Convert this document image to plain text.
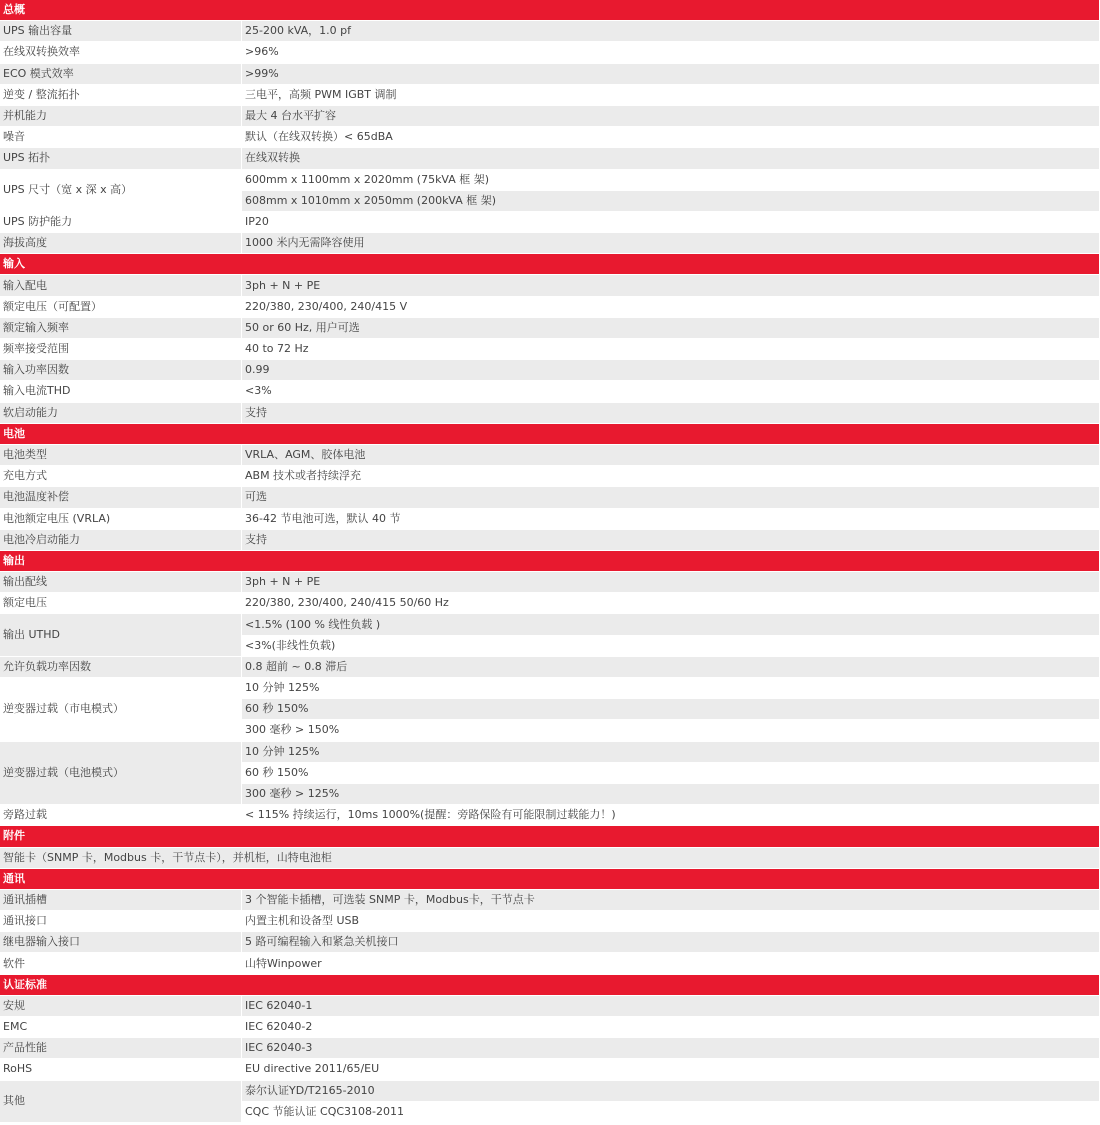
总概	
UPS 输出容量	25-200 kVA，1.0 pf
在线双转换效率	>96%
ECO 模式效率	>99%
逆变 / 整流拓扑	三电平，高频 PWM IGBT 调制
并机能力	最大 4 台水平扩容
噪音	默认（在线双转换）< 65dBA
UPS 拓扑	在线双转换
UPS 尺寸（宽 x 深 x 高）	600mm x 1100mm x 2020mm (75kVA 框 架)
	608mm x 1010mm x 2050mm (200kVA 框 架)
UPS 防护能力	IP20
海拔高度	1000 米内无需降容使用
输入	
输入配电	3ph + N + PE
额定电压（可配置）	220/380, 230/400, 240/415 V
额定输入频率	50 or 60 Hz, 用户可选
频率接受范围	40 to 72 Hz
输入功率因数	0.99
输入电流THD	<3%
软启动能力	支持
电池	
电池类型	VRLA、AGM、胶体电池
充电方式	ABM 技术或者持续浮充
电池温度补偿	可选
电池额定电压 (VRLA)	36-42 节电池可选，默认 40 节
电池冷启动能力	支持
输出	
输出配线	3ph + N + PE
额定电压	220/380, 230/400, 240/415 50/60 Hz
输出 UTHD	<1.5% (100 % 线性负载 )
	<3%(非线性负载)
允许负载功率因数	0.8 超前 ~ 0.8 滞后
逆变器过载（市电模式）	10 分钟 125%
	60 秒 150%
	300 毫秒 > 150%
逆变器过载（电池模式）	10 分钟 125%
	60 秒 150%
	300 毫秒 > 125%
旁路过载	< 115% 持续运行，10ms 1000%(提醒：旁路保险有可能限制过载能力！)
附件	
智能卡（SNMP 卡，Modbus 卡，干节点卡），并机柜，山特电池柜	
通讯	
通讯插槽	3 个智能卡插槽，可选装 SNMP 卡，Modbus卡，干节点卡
通讯接口	内置主机和设备型 USB
继电器输入接口	5 路可编程输入和紧急关机接口
软件	山特Winpower
认证标准	
安规	IEC 62040-1
EMC	IEC 62040-2
产品性能	IEC 62040-3
RoHS	EU directive 2011/65/EU
其他	泰尔认证YD/T2165-2010
	CQC 节能认证 CQC3108-2011
